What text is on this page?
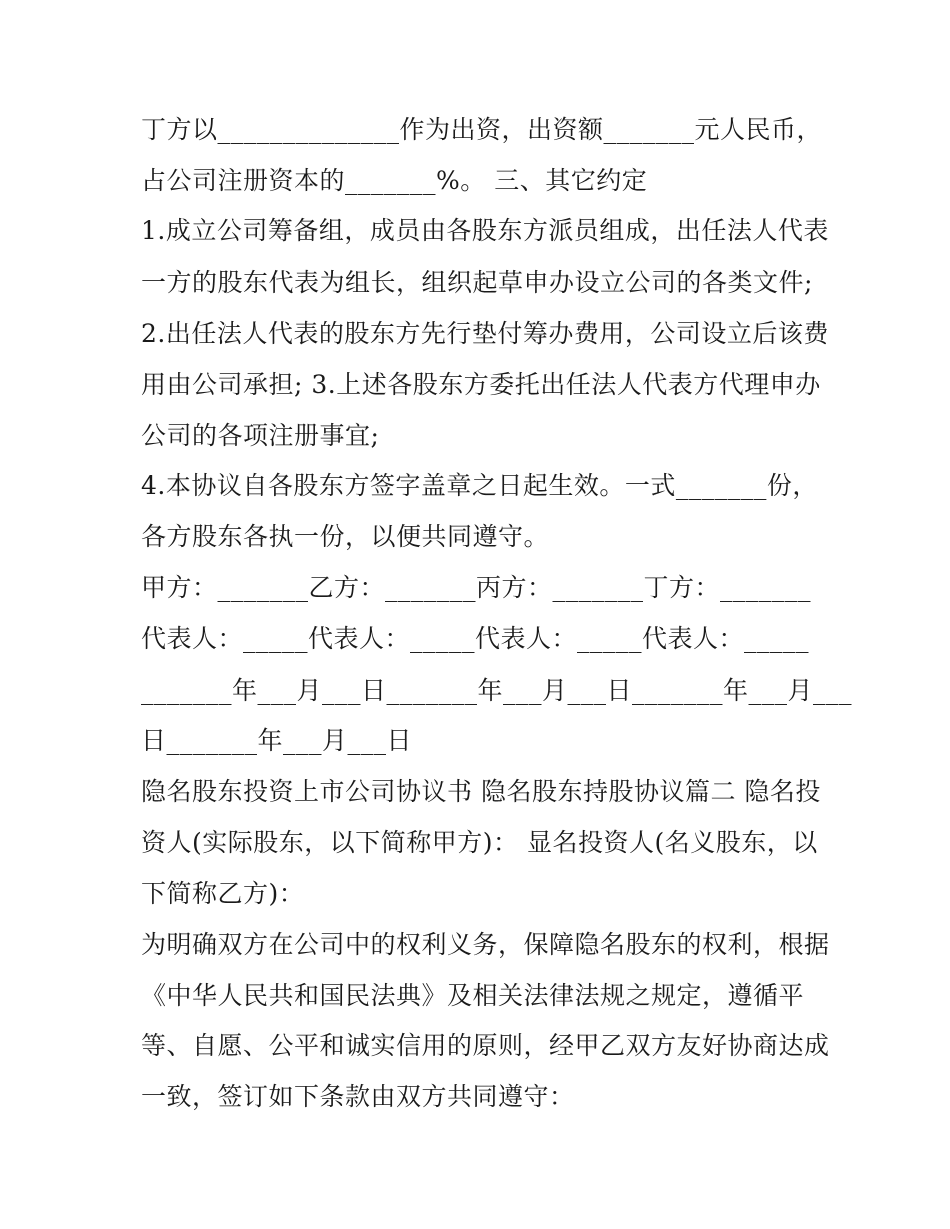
丁方以______________作为出资，出资额_______元人民币，
占公司注册资本的_______%。 三、其它约定
1.成立公司筹备组，成员由各股东方派员组成，出任法人代表
一方的股东代表为组长，组织起草申办设立公司的各类文件;
2.出任法人代表的股东方先行垫付筹办费用，公司设立后该费
用由公司承担; 3.上述各股东方委托出任法人代表方代理申办
公司的各项注册事宜;
4.本协议自各股东方签字盖章之日起生效。一式_______份，
各方股东各执一份，以便共同遵守。
甲方：_______乙方：_______丙方：_______丁方：_______
代表人：_____代表人：_____代表人：_____代表人：_____
_______年___月___日_______年___月___日_______年___月___
日_______年___月___日
隐名股东投资上市公司协议书 隐名股东持股协议篇二 隐名投
资人(实际股东，以下简称甲方)： 显名投资人(名义股东，以
下简称乙方)：
为明确双方在公司中的权利义务，保障隐名股东的权利，根据
《中华人民共和国民法典》及相关法律法规之规定，遵循平
等、自愿、公平和诚实信用的原则，经甲乙双方友好协商达成
一致，签订如下条款由双方共同遵守：
